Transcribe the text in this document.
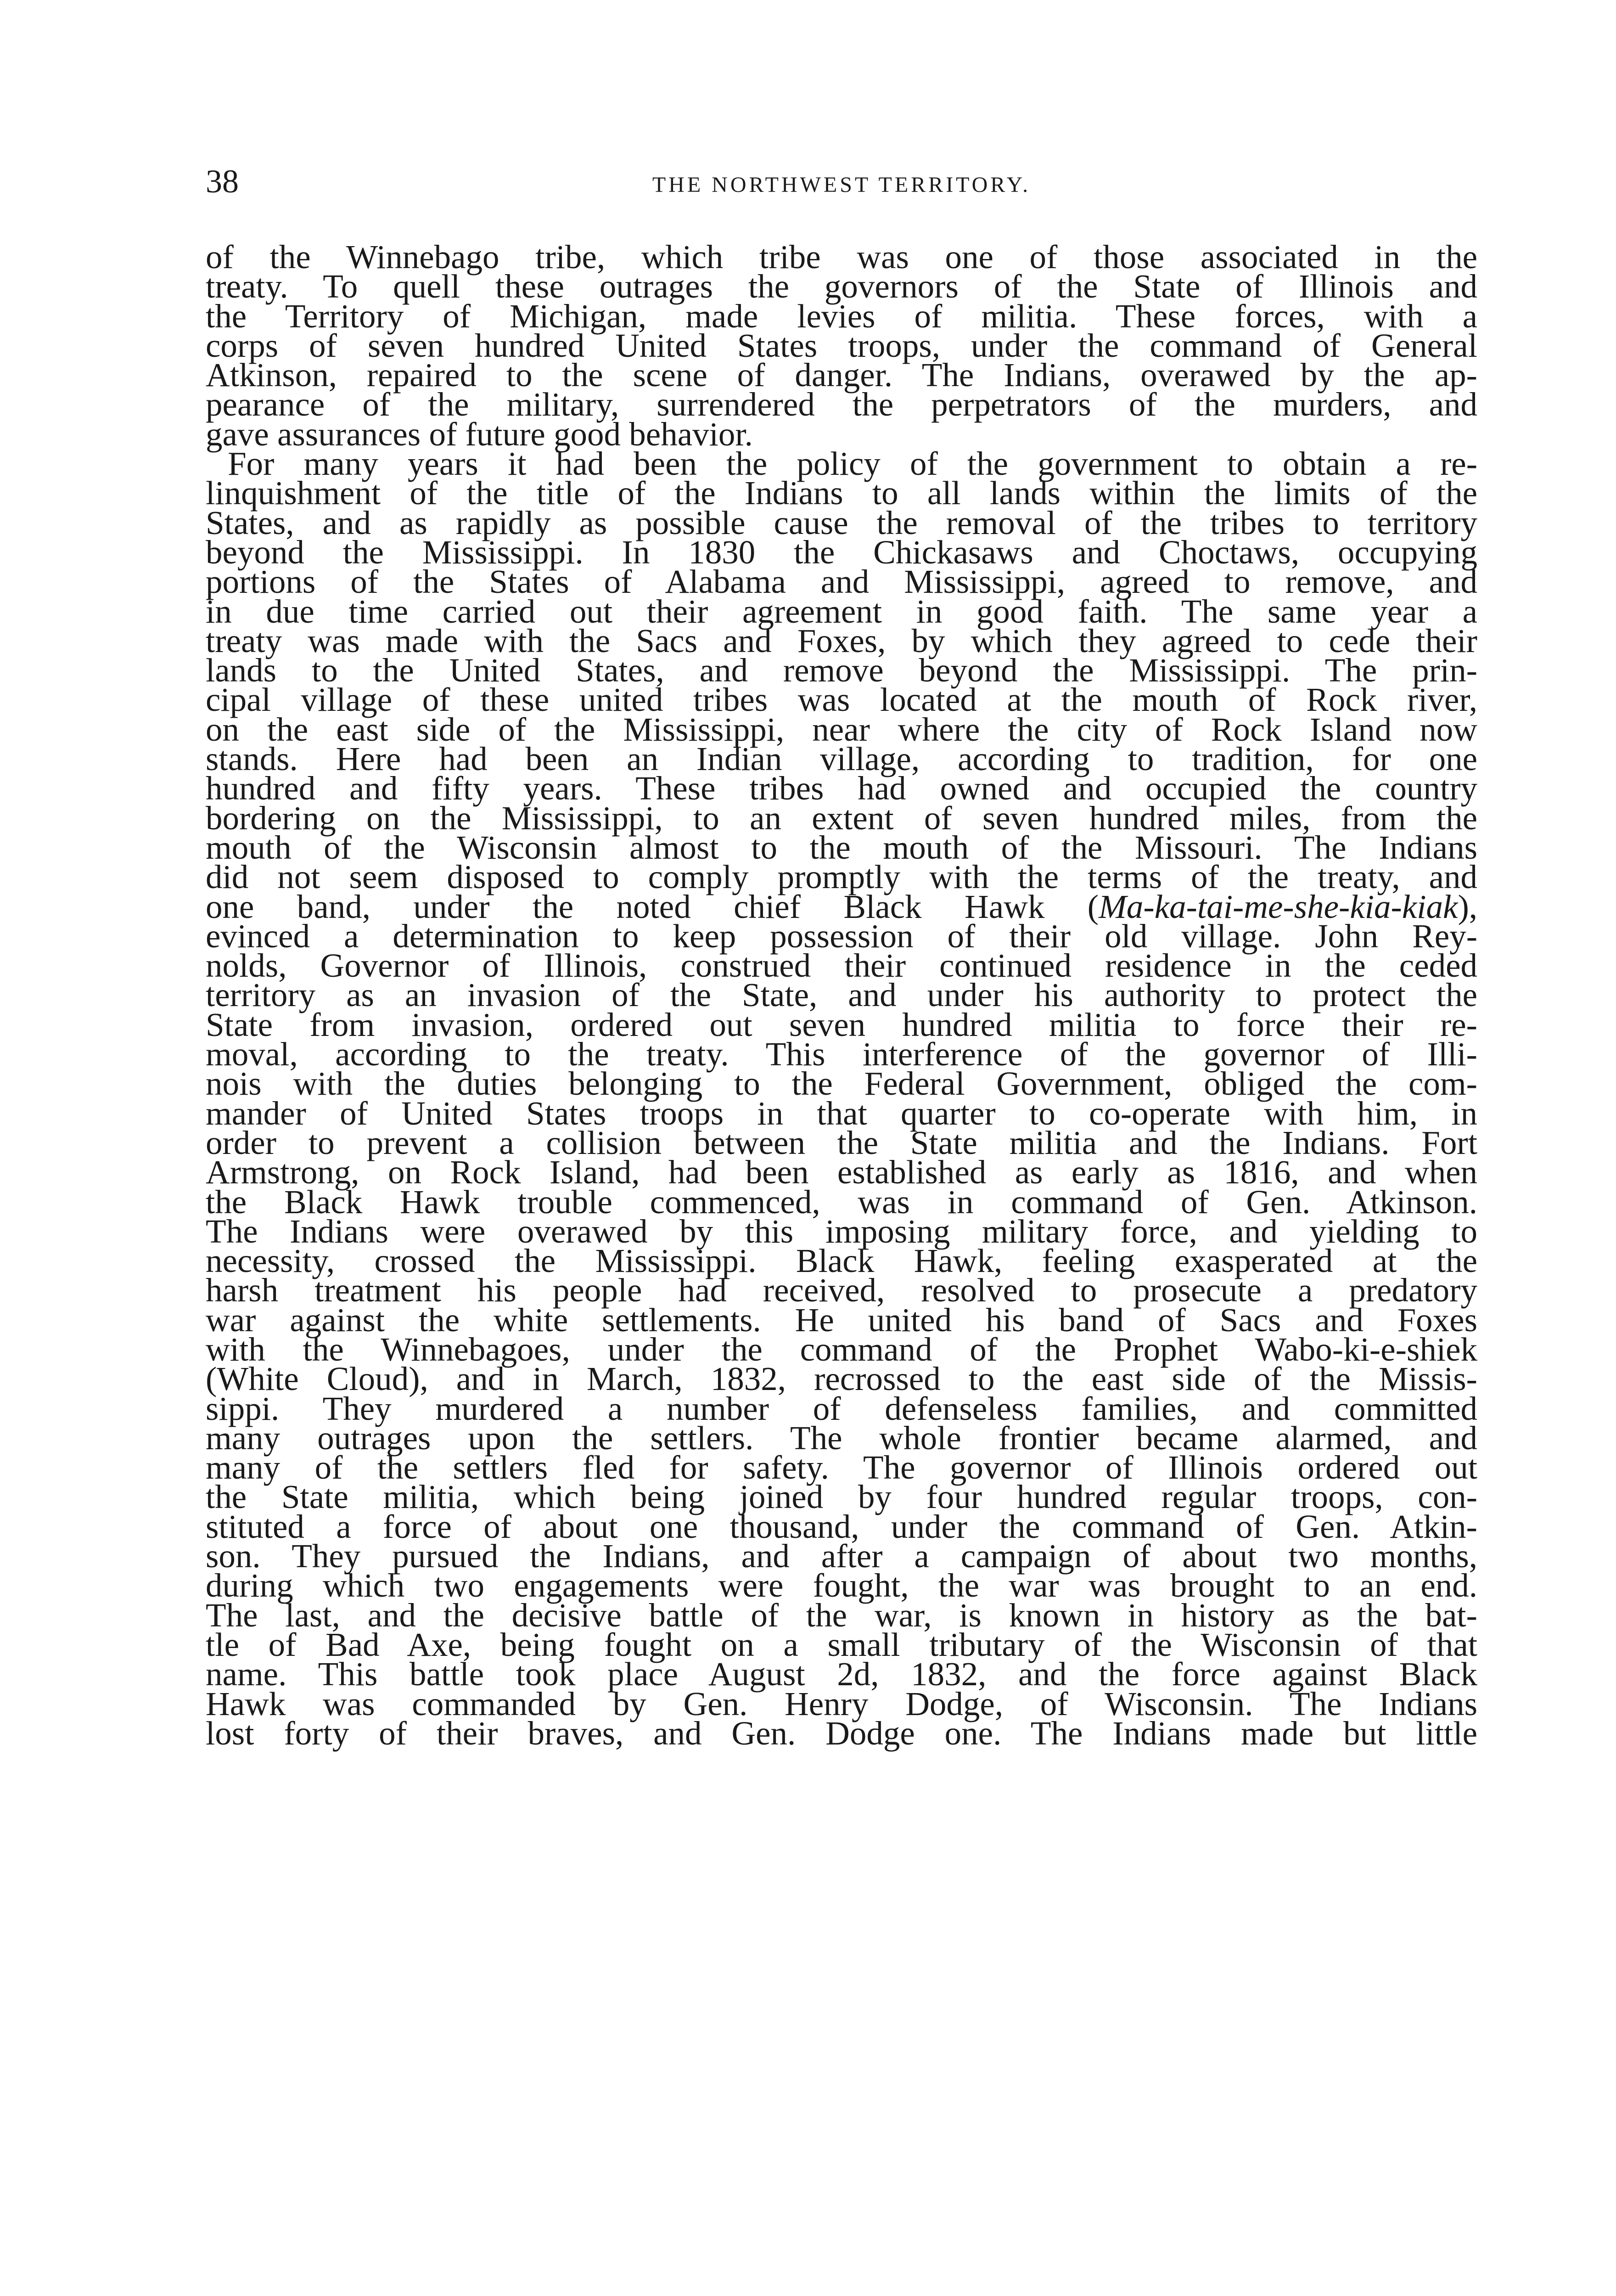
38	THE NORTHWEST TERRITORY.
of the Winnebago tribe, which tribe was one of those associated in the
treaty. To quell these outrages the governors of the State of Illinois and
the Territory of Michigan, made levies of militia. These forces, with a
corps of seven hundred United States troops, under the command of General
Atkinson, repaired to the scene of danger. The Indians, overawed by the ap-
pearance of the military, surrendered the perpetrators of the murders, and
gave assurances of future good behavior.
For many years it had been the policy of the government to obtain a re-
linquishment of the title of the Indians to all lands within the limits of the
States, and as rapidly as possible cause the removal of the tribes to territory
beyond the Mississippi. In 1830 the Chickasaws and Choctaws, occupying
portions of the States of Alabama and Mississippi, agreed to remove, and
in due time carried out their agreement in good faith. The same year a
treaty was made with the Sacs and Foxes, by which they agreed to cede their
lands to the United States, and remove beyond the Mississippi. The prin-
cipal village of these united tribes was located at the mouth of Rock river,
on the east side of the Mississippi, near where the city of Rock Island now
stands. Here had been an Indian village, according to tradition, for one
hundred and fifty years. These tribes had owned and occupied the country
bordering on the Mississippi, to an extent of seven hundred miles, from the
mouth of the Wisconsin almost to the mouth of the Missouri. The Indians
did not seem disposed to comply promptly with the terms of the treaty, and
one band, under the noted chief Black Hawk (Ma-ka-tai-me-she-kia-kiak),
evinced a determination to keep possession of their old village. John Rey-
nolds, Governor of Illinois, construed their continued residence in the ceded
territory as an invasion of the State, and under his authority to protect the
State from invasion, ordered out seven hundred militia to force their re-
moval, according to the treaty. This interference of the governor of Illi-
nois with the duties belonging to the Federal Government, obliged the com-
mander of United States troops in that quarter to co-operate with him, in
order to prevent a collision between the State militia and the Indians. Fort
Armstrong, on Rock Island, had been established as early as 1816, and when
the Black Hawk trouble commenced, was in command of Gen. Atkinson.
The Indians were overawed by this imposing military force, and yielding to
necessity, crossed the Mississippi. Black Hawk, feeling exasperated at the
harsh treatment his people had received, resolved to prosecute a predatory
war against the white settlements. He united his band of Sacs and Foxes
with the Winnebagoes, under the command of the Prophet Wabo-ki-e-shiek
(White Cloud), and in March, 1832, recrossed to the east side of the Missis-
sippi. They murdered a number of defenseless families, and committed
many outrages upon the settlers. The whole frontier became alarmed, and
many of the settlers fled for safety. The governor of Illinois ordered out
the State militia, which being joined by four hundred regular troops, con-
stituted a force of about one thousand, under the command of Gen. Atkin-
son. They pursued the Indians, and after a campaign of about two months,
during which two engagements were fought, the war was brought to an end.
The last, and the decisive battle of the war, is known in history as the bat-
tle of Bad Axe, being fought on a small tributary of the Wisconsin of that
name. This battle took place August 2d, 1832, and the force against Black
Hawk was commanded by Gen. Henry Dodge, of Wisconsin. The Indians
lost forty of their braves, and Gen. Dodge one. The Indians made but little
